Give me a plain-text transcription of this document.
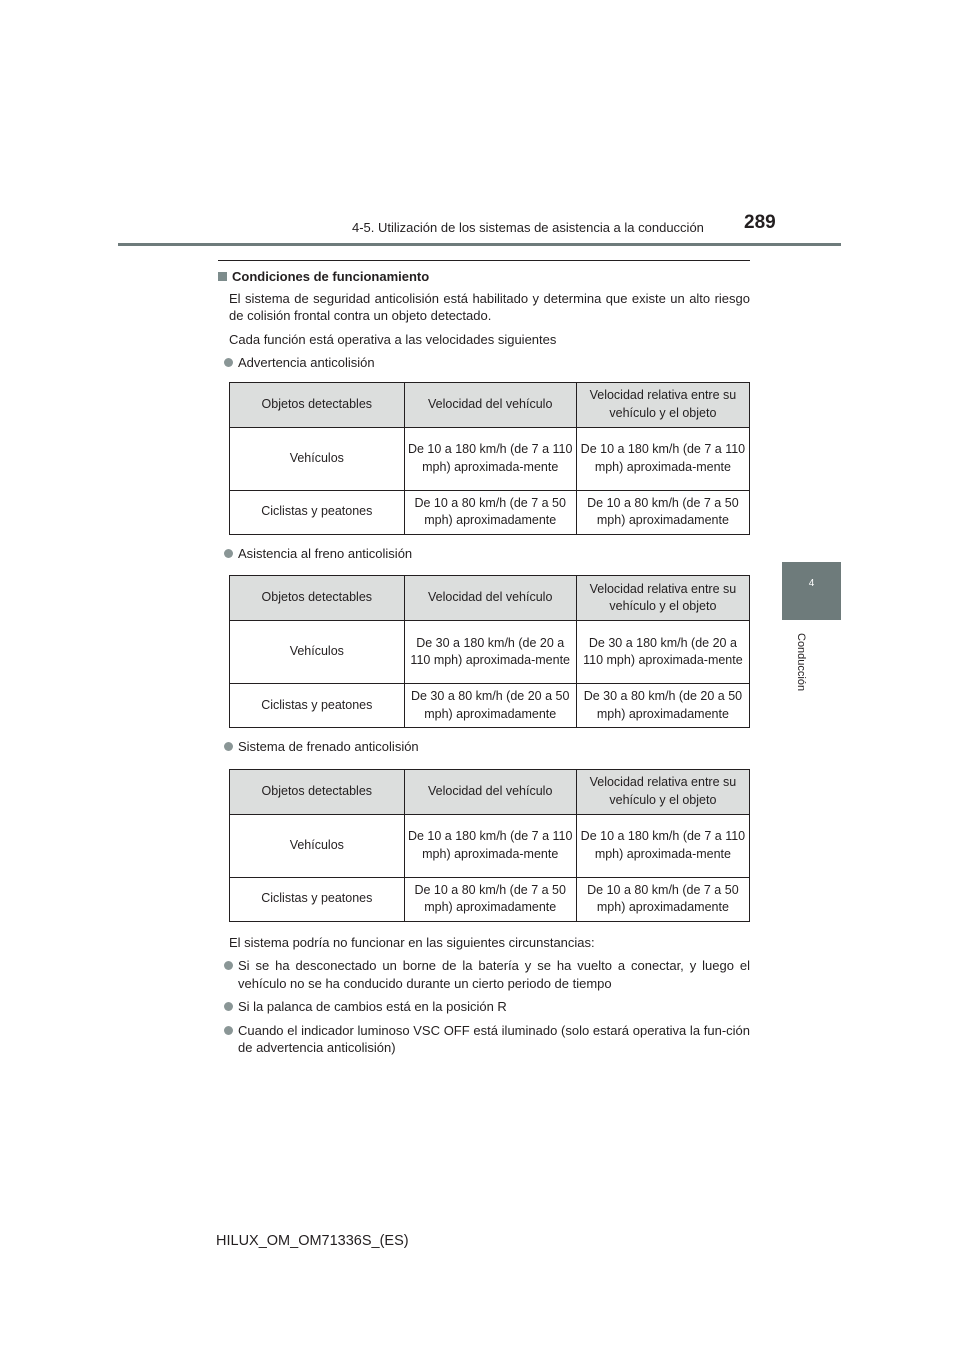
4-5. Utilización de los sistemas de asistencia a la conducción 289
4
Conducción
Condiciones de funcionamiento

El sistema de seguridad anticolisión está habilitado y determina que existe un alto riesgo de colisión frontal contra un objeto detectado.

Cada función está operativa a las velocidades siguientes

Advertencia anticolisión
Objetos detectables	Velocidad del vehículo	Velocidad relativa entre su vehículo y el objeto
Vehículos	De 10 a 180 km/h (de 7 a 110 mph) aproximada-mente	De 10 a 180 km/h (de 7 a 110 mph) aproximada-mente
Ciclistas y peatones	De 10 a 80 km/h (de 7 a 50 mph) aproximadamente	De 10 a 80 km/h (de 7 a 50 mph) aproximadamente
Asistencia al freno anticolisión
Objetos detectables	Velocidad del vehículo	Velocidad relativa entre su vehículo y el objeto
Vehículos	De 30 a 180 km/h (de 20 a 110 mph) aproximada-mente	De 30 a 180 km/h (de 20 a 110 mph) aproximada-mente
Ciclistas y peatones	De 30 a 80 km/h (de 20 a 50 mph) aproximadamente	De 30 a 80 km/h (de 20 a 50 mph) aproximadamente
Sistema de frenado anticolisión
Objetos detectables	Velocidad del vehículo	Velocidad relativa entre su vehículo y el objeto
Vehículos	De 10 a 180 km/h (de 7 a 110 mph) aproximada-mente	De 10 a 180 km/h (de 7 a 110 mph) aproximada-mente
Ciclistas y peatones	De 10 a 80 km/h (de 7 a 50 mph) aproximadamente	De 10 a 80 km/h (de 7 a 50 mph) aproximadamente

El sistema podría no funcionar en las siguientes circunstancias:

Si se ha desconectado un borne de la batería y se ha vuelto a conectar, y luego el vehículo no se ha conducido durante un cierto periodo de tiempo
Si la palanca de cambios está en la posición R
Cuando el indicador luminoso VSC OFF está iluminado (solo estará operativa la fun-ción de advertencia anticolisión)
HILUX_OM_OM71336S_(ES)
